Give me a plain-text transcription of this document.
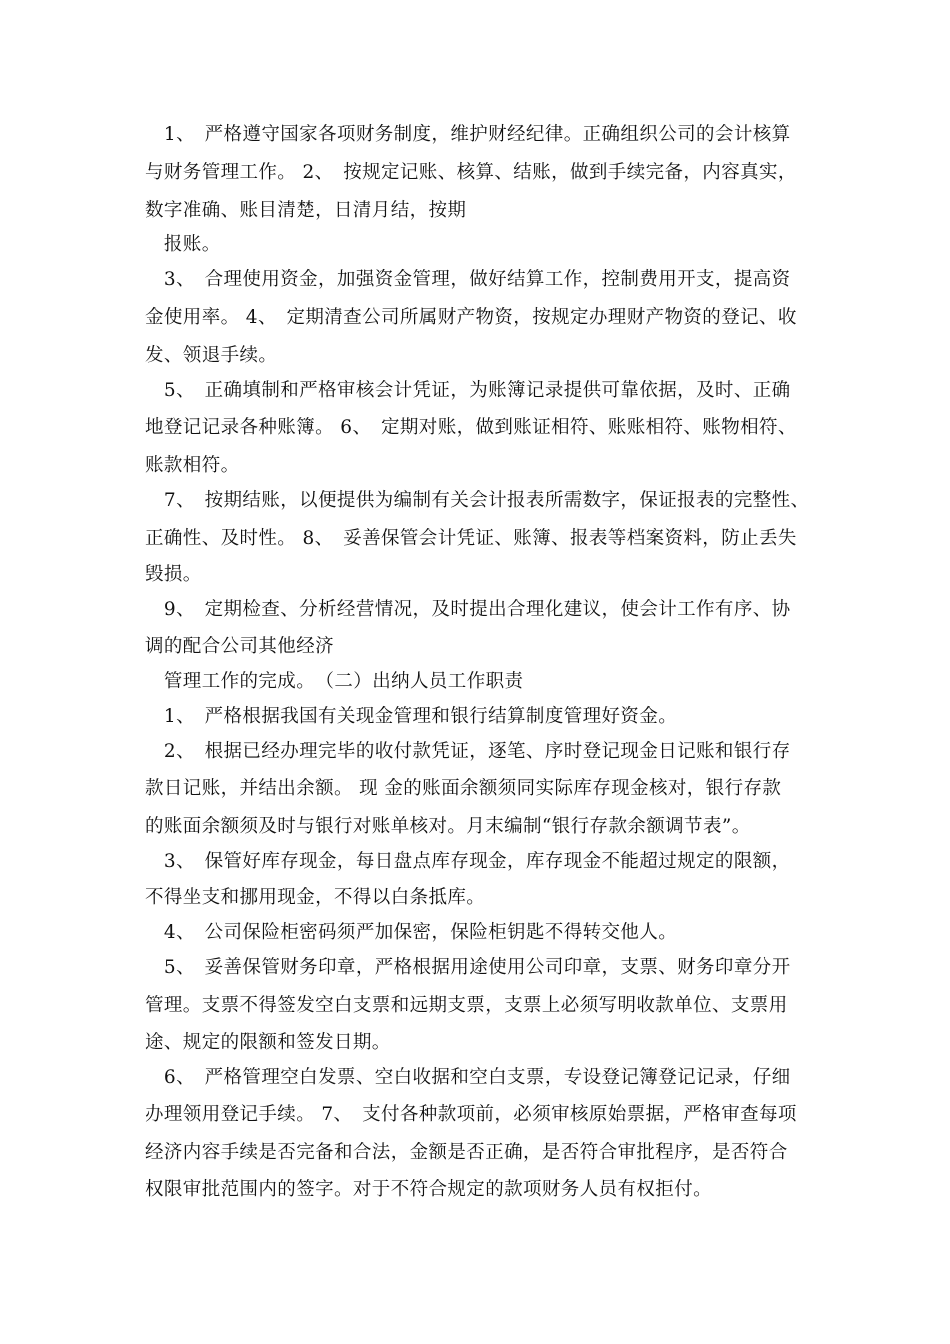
　1、　严格遵守国家各项财务制度，维护财经纪律。正确组织公司的会计核算
与财务管理工作。 2、　按规定记账、核算、结账，做到手续完备，内容真实，
数字准确、账目清楚，日清月结，按期
　报账。
　3、　合理使用资金，加强资金管理，做好结算工作，控制费用开支，提高资
金使用率。 4、　定期清查公司所属财产物资，按规定办理财产物资的登记、收
发、领退手续。
　5、　正确填制和严格审核会计凭证，为账簿记录提供可靠依据，及时、正确
地登记记录各种账簿。 6、　定期对账，做到账证相符、账账相符、账物相符、
账款相符。
　7、　按期结账，以便提供为编制有关会计报表所需数字，保证报表的完整性、
正确性、及时性。 8、　妥善保管会计凭证、账簿、报表等档案资料，防止丢失
毁损。
　9、　定期检查、分析经营情况，及时提出合理化建议，使会计工作有序、协
调的配合公司其他经济
　管理工作的完成。　（二）出纳人员工作职责
　1、　严格根据我国有关现金管理和银行结算制度管理好资金。
　2、　根据已经办理完毕的收付款凭证，逐笔、序时登记现金日记账和银行存
款日记账，并结出余额。 现 金的账面余额须同实际库存现金核对，银行存款
的账面余额须及时与银行对账单核对。月末编制“银行存款余额调节表”。
　3、　保管好库存现金，每日盘点库存现金，库存现金不能超过规定的限额，
不得坐支和挪用现金，不得以白条抵库。
　4、　公司保险柜密码须严加保密，保险柜钥匙不得转交他人。
　5、　妥善保管财务印章，严格根据用途使用公司印章，支票、财务印章分开
管理。支票不得签发空白支票和远期支票，支票上必须写明收款单位、支票用
途、规定的限额和签发日期。
　6、　严格管理空白发票、空白收据和空白支票，专设登记簿登记记录，仔细
办理领用登记手续。 7、　支付各种款项前，必须审核原始票据，严格审查每项
经济内容手续是否完备和合法，金额是否正确，是否符合审批程序，是否符合
权限审批范围内的签字。对于不符合规定的款项财务人员有权拒付。
